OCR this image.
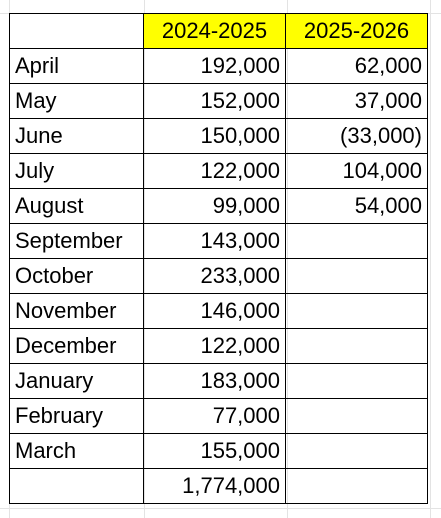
	2024-2025	2025-2026
April	192,000	62,000
May	152,000	37,000
June	150,000	(33,000)
July	122,000	104,000
August	99,000	54,000
September	143,000	
October	233,000	
November	146,000	
December	122,000	
January	183,000	
February	77,000	
March	155,000	
	1,774,000	
